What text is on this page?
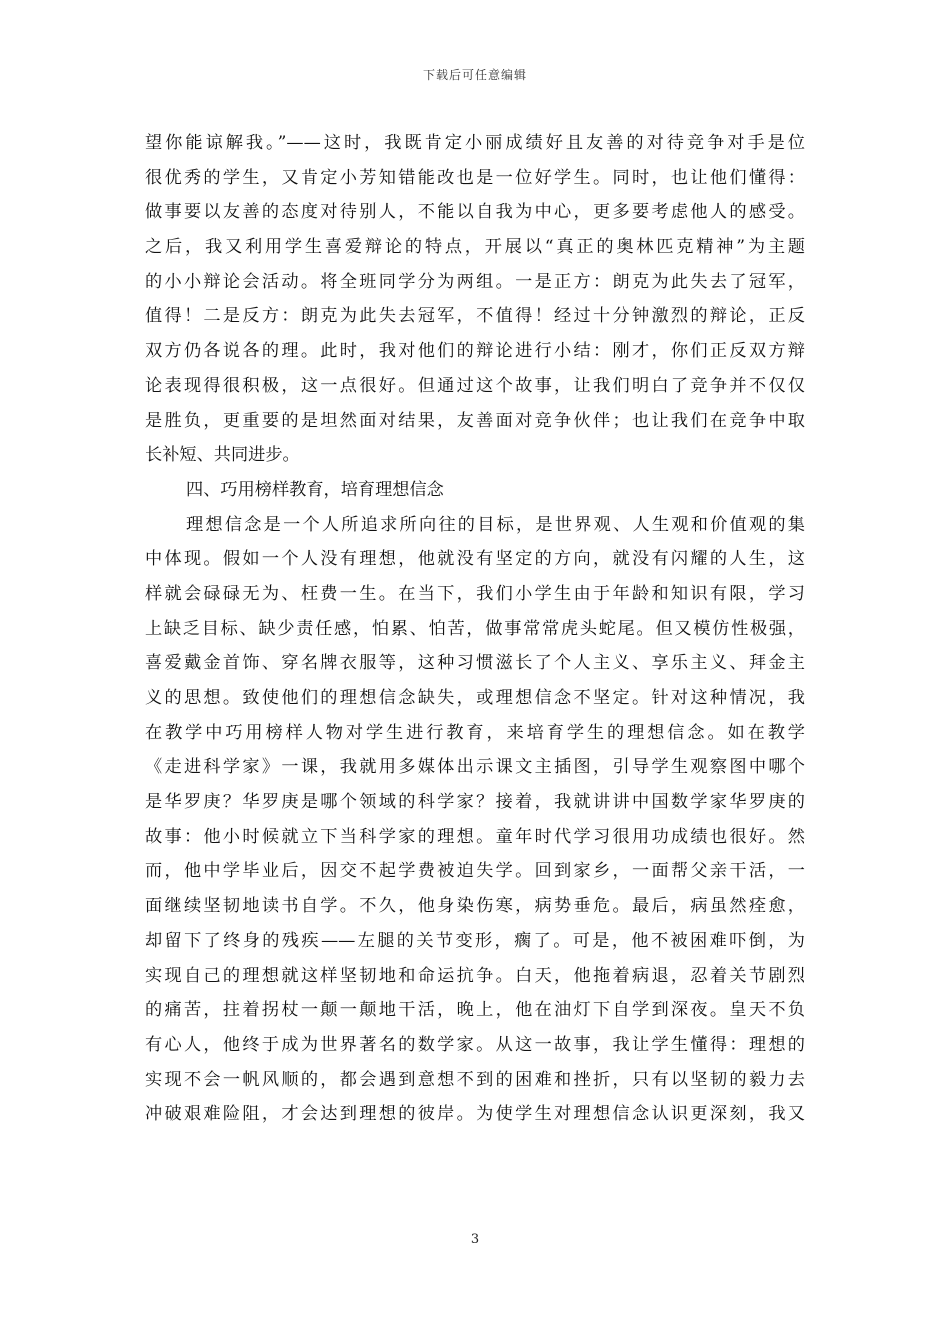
下载后可任意编辑
望你能谅解我。”——这时，我既肯定小丽成绩好且友善的对待竞争对手是位
很优秀的学生，又肯定小芳知错能改也是一位好学生。同时，也让他们懂得：
做事要以友善的态度对待别人，不能以自我为中心，更多要考虑他人的感受。
之后，我又利用学生喜爱辩论的特点，开展以“真正的奥林匹克精神”为主题
的小小辩论会活动。将全班同学分为两组。一是正方：朗克为此失去了冠军，
值得！二是反方：朗克为此失去冠军，不值得！经过十分钟激烈的辩论，正反
双方仍各说各的理。此时，我对他们的辩论进行小结：刚才，你们正反双方辩
论表现得很积极，这一点很好。但通过这个故事，让我们明白了竞争并不仅仅
是胜负，更重要的是坦然面对结果，友善面对竞争伙伴；也让我们在竞争中取
长补短、共同进步。
四、巧用榜样教育，培育理想信念
理想信念是一个人所追求所向往的目标，是世界观、人生观和价值观的集
中体现。假如一个人没有理想，他就没有坚定的方向，就没有闪耀的人生，这
样就会碌碌无为、枉费一生。在当下，我们小学生由于年龄和知识有限，学习
上缺乏目标、缺少责任感，怕累、怕苦，做事常常虎头蛇尾。但又模仿性极强，
喜爱戴金首饰、穿名牌衣服等，这种习惯滋长了个人主义、享乐主义、拜金主
义的思想。致使他们的理想信念缺失，或理想信念不坚定。针对这种情况，我
在教学中巧用榜样人物对学生进行教育，来培育学生的理想信念。如在教学
《走进科学家》一课，我就用多媒体出示课文主插图，引导学生观察图中哪个
是华罗庚？华罗庚是哪个领域的科学家？接着，我就讲讲中国数学家华罗庚的
故事：他小时候就立下当科学家的理想。童年时代学习很用功成绩也很好。然
而，他中学毕业后，因交不起学费被迫失学。回到家乡，一面帮父亲干活，一
面继续坚韧地读书自学。不久，他身染伤寒，病势垂危。最后，病虽然痊愈，
却留下了终身的残疾——左腿的关节变形，瘸了。可是，他不被困难吓倒，为
实现自己的理想就这样坚韧地和命运抗争。白天，他拖着病退，忍着关节剧烈
的痛苦，拄着拐杖一颠一颠地干活，晚上，他在油灯下自学到深夜。皇天不负
有心人，他终于成为世界著名的数学家。从这一故事，我让学生懂得：理想的
实现不会一帆风顺的，都会遇到意想不到的困难和挫折，只有以坚韧的毅力去
冲破艰难险阻，才会达到理想的彼岸。为使学生对理想信念认识更深刻，我又
3
